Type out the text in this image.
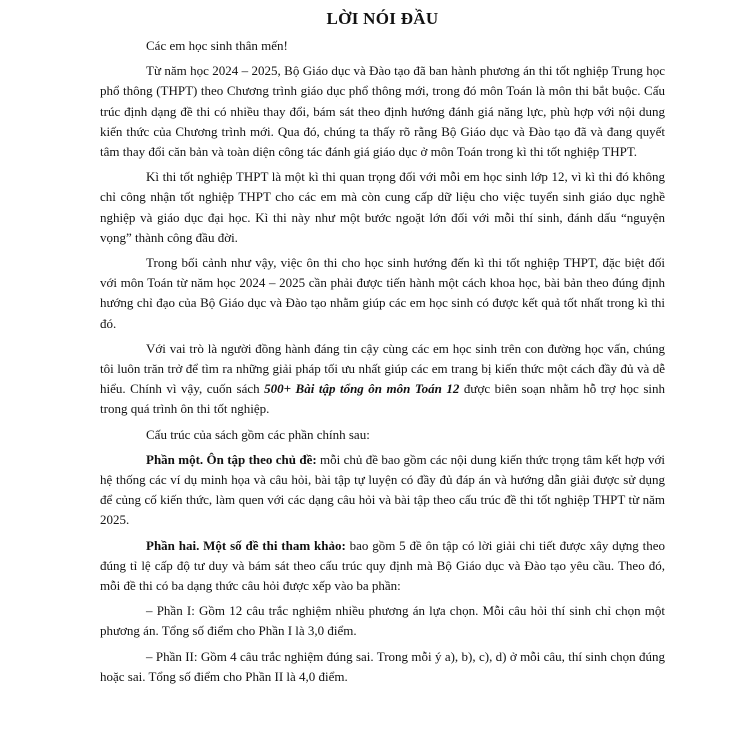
LỜI NÓI ĐẦU

Các em học sinh thân mến!

Từ năm học 2024 – 2025, Bộ Giáo dục và Đào tạo đã ban hành phương án thi tốt nghiệp Trung học phổ thông (THPT) theo Chương trình giáo dục phổ thông mới, trong đó môn Toán là môn thi bắt buộc. Cấu trúc định dạng đề thi có nhiều thay đổi, bám sát theo định hướng đánh giá năng lực, phù hợp với nội dung kiến thức của Chương trình mới. Qua đó, chúng ta thấy rõ rằng Bộ Giáo dục và Đào tạo đã và đang quyết tâm thay đổi căn bản và toàn diện công tác đánh giá giáo dục ở môn Toán trong kì thi tốt nghiệp THPT.

Kì thi tốt nghiệp THPT là một kì thi quan trọng đối với mỗi em học sinh lớp 12, vì kì thi đó không chỉ công nhận tốt nghiệp THPT cho các em mà còn cung cấp dữ liệu cho việc tuyển sinh giáo dục nghề nghiệp và giáo dục đại học. Kì thi này như một bước ngoặt lớn đối với mỗi thí sinh, đánh dấu “nguyện vọng” thành công đầu đời.

Trong bối cảnh như vậy, việc ôn thi cho học sinh hướng đến kì thi tốt nghiệp THPT, đặc biệt đối với môn Toán từ năm học 2024 – 2025 cần phải được tiến hành một cách khoa học, bài bản theo đúng định hướng chỉ đạo của Bộ Giáo dục và Đào tạo nhằm giúp các em học sinh có được kết quả tốt nhất trong kì thi đó.

Với vai trò là người đồng hành đáng tin cậy cùng các em học sinh trên con đường học vấn, chúng tôi luôn trăn trở để tìm ra những giải pháp tối ưu nhất giúp các em trang bị kiến thức một cách đầy đủ và dễ hiểu. Chính vì vậy, cuốn sách 500+ Bài tập tổng ôn môn Toán 12 được biên soạn nhằm hỗ trợ học sinh trong quá trình ôn thi tốt nghiệp.

Cấu trúc của sách gồm các phần chính sau:

Phần một. Ôn tập theo chủ đề: mỗi chủ đề bao gồm các nội dung kiến thức trọng tâm kết hợp với hệ thống các ví dụ minh họa và câu hỏi, bài tập tự luyện có đầy đủ đáp án và hướng dẫn giải được sử dụng để củng cố kiến thức, làm quen với các dạng câu hỏi và bài tập theo cấu trúc đề thi tốt nghiệp THPT từ năm 2025.

Phần hai. Một số đề thi tham khảo: bao gồm 5 đề ôn tập có lời giải chi tiết được xây dựng theo đúng tỉ lệ cấp độ tư duy và bám sát theo cấu trúc quy định mà Bộ Giáo dục và Đào tạo yêu cầu. Theo đó, mỗi đề thi có ba dạng thức câu hỏi được xếp vào ba phần:

– Phần I: Gồm 12 câu trắc nghiệm nhiều phương án lựa chọn. Mỗi câu hỏi thí sinh chỉ chọn một phương án. Tổng số điểm cho Phần I là 3,0 điểm.

– Phần II: Gồm 4 câu trắc nghiệm đúng sai. Trong mỗi ý a), b), c), d) ở mỗi câu, thí sinh chọn đúng hoặc sai. Tổng số điểm cho Phần II là 4,0 điểm.
